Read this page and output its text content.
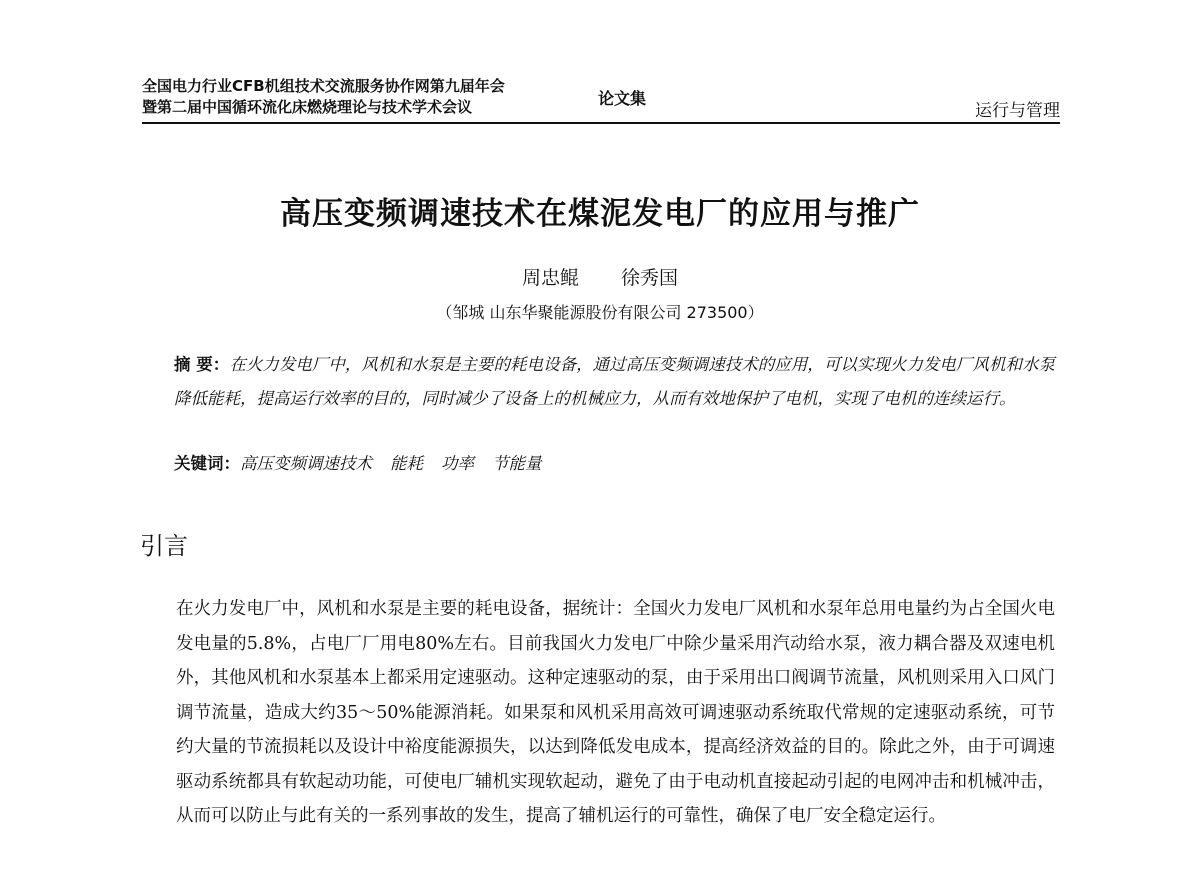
全国电力行业CFB机组技术交流服务协作网第九届年会
暨第二届中国循环流化床燃烧理论与技术学术会议	论文集
运行与管理
高压变频调速技术在煤泥发电厂的应用与推广
周忠鲲 徐秀国
（邹城 山东华聚能源股份有限公司 273500）
摘 要：在火力发电厂中，风机和水泵是主要的耗电设备，通过高压变频调速技术的应用，可以实现火力发电厂风机和水泵降低能耗，提高运行效率的目的，同时减少了设备上的机械应力，从而有效地保护了电机，实现了电机的连续运行。
关键词：高压变频调速技术 能耗 功率 节能量
引言
在火力发电厂中，风机和水泵是主要的耗电设备，据统计：全国火力发电厂风机和水泵年总用电量约为占全国火电发电量的5.8%，占电厂厂用电80%左右。目前我国火力发电厂中除少量采用汽动给水泵，液力耦合器及双速电机外，其他风机和水泵基本上都采用定速驱动。这种定速驱动的泵，由于采用出口阀调节流量，风机则采用入口风门调节流量，造成大约35～50%能源消耗。如果泵和风机采用高效可调速驱动系统取代常规的定速驱动系统，可节约大量的节流损耗以及设计中裕度能源损失，以达到降低发电成本，提高经济效益的目的。除此之外，由于可调速驱动系统都具有软起动功能，可使电厂辅机实现软起动，避免了由于电动机直接起动引起的电网冲击和机械冲击，从而可以防止与此有关的一系列事故的发生，提高了辅机运行的可靠性，确保了电厂安全稳定运行。
